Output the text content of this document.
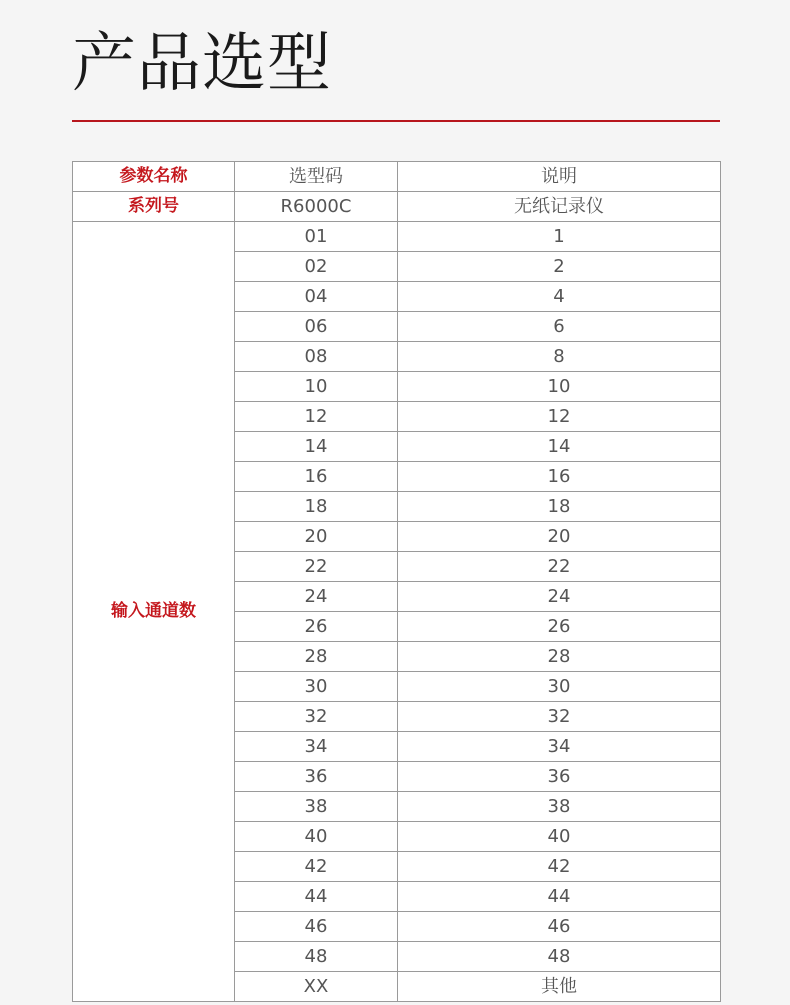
产品选型
参数名称	选型码	说明
系列号	R6000C	无纸记录仪
输入通道数	01	1
	02	2
	04	4
	06	6
	08	8
	10	10
	12	12
	14	14
	16	16
	18	18
	20	20
	22	22
	24	24
	26	26
	28	28
	30	30
	32	32
	34	34
	36	36
	38	38
	40	40
	42	42
	44	44
	46	46
	48	48
	XX	其他
